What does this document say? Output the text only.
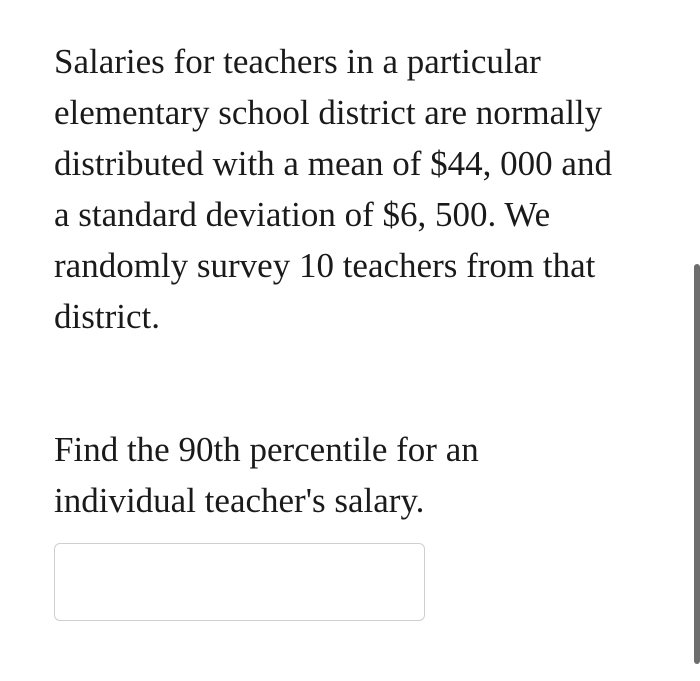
Salaries for teachers in a particular
elementary school district are normally
distributed with a mean of $44, 000 and
a standard deviation of $6, 500. We
randomly survey 10 teachers from that
district.

Find the 90th percentile for an
individual teacher's salary.
